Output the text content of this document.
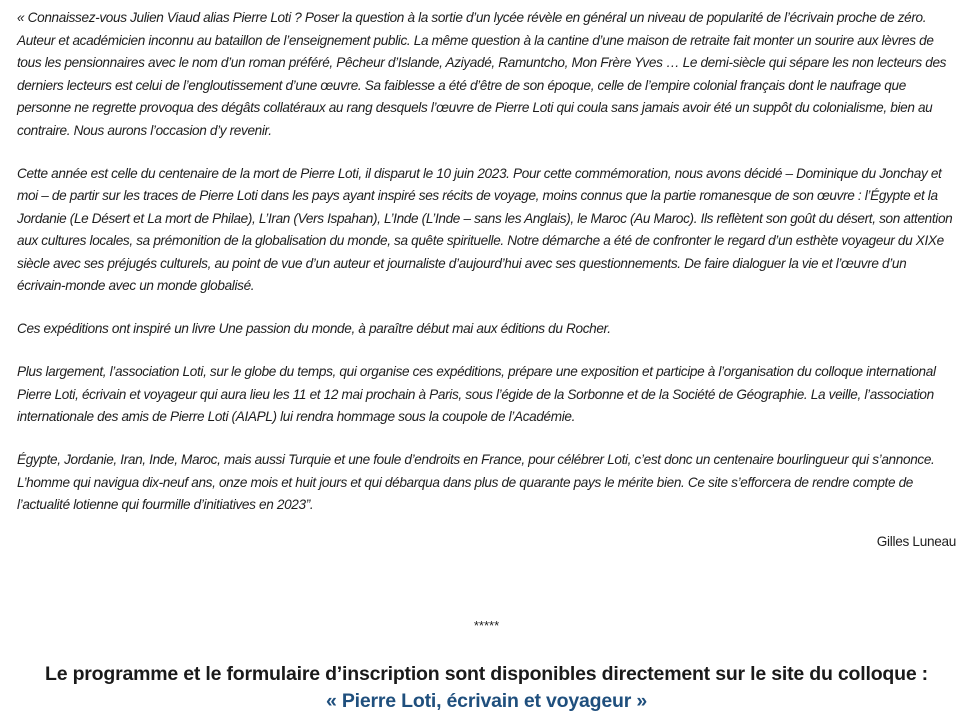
« Connaissez-vous Julien Viaud alias Pierre Loti ? Poser la question à la sortie d’un lycée révèle en général un niveau de popularité de l’écrivain proche de zéro. Auteur et académicien inconnu au bataillon de l’enseignement public. La même question à la cantine d’une maison de retraite fait monter un sourire aux lèvres de tous les pensionnaires avec le nom d’un roman préféré, Pêcheur d’Islande, Aziyadé, Ramuntcho, Mon Frère Yves … Le demi-siècle qui sépare les non lecteurs des derniers lecteurs est celui de l’engloutissement d’une œuvre. Sa faiblesse a été d’être de son époque, celle de l’empire colonial français dont le naufrage que personne ne regrette provoqua des dégâts collatéraux au rang desquels l’œuvre de Pierre Loti qui coula sans jamais avoir été un suppôt du colonialisme, bien au contraire. Nous aurons l’occasion d’y revenir.

Cette année est celle du centenaire de la mort de Pierre Loti, il disparut le 10 juin 2023. Pour cette commémoration, nous avons décidé – Dominique du Jonchay et moi – de partir sur les traces de Pierre Loti dans les pays ayant inspiré ses récits de voyage, moins connus que la partie romanesque de son œuvre : l’Égypte et la Jordanie (Le Désert et La mort de Philae), L’Iran (Vers Ispahan), L’Inde (L’Inde – sans les Anglais), le Maroc (Au Maroc). Ils reflètent son goût du désert, son attention aux cultures locales, sa prémonition de la globalisation du monde, sa quête spirituelle. Notre démarche a été de confronter le regard d’un esthète voyageur du XIXe siècle avec ses préjugés culturels, au point de vue d’un auteur et journaliste d’aujourd’hui avec ses questionnements. De faire dialoguer la vie et l’œuvre d’un écrivain-monde avec un monde globalisé.

Ces expéditions ont inspiré un livre Une passion du monde, à paraître début mai aux éditions du Rocher.

Plus largement, l’association Loti, sur le globe du temps, qui organise ces expéditions, prépare une exposition et participe à l’organisation du colloque international Pierre Loti, écrivain et voyageur qui aura lieu les 11 et 12 mai prochain à Paris, sous l’égide de la Sorbonne et de la Société de Géographie. La veille, l’association internationale des amis de Pierre Loti (AIAPL) lui rendra hommage sous la coupole de l’Académie.

Égypte, Jordanie, Iran, Inde, Maroc, mais aussi Turquie et une foule d’endroits en France, pour célébrer Loti, c’est donc un centenaire bourlingueur qui s’annonce. L’homme qui navigua dix-neuf ans, onze mois et huit jours et qui débarqua dans plus de quarante pays le mérite bien. Ce site s’efforcera de rendre compte de l’actualité lotienne qui fourmille d’initiatives en 2023”.

Gilles Luneau
*****
Le programme et le formulaire d’inscription sont disponibles directement sur le site du colloque :
« Pierre Loti, écrivain et voyageur »
